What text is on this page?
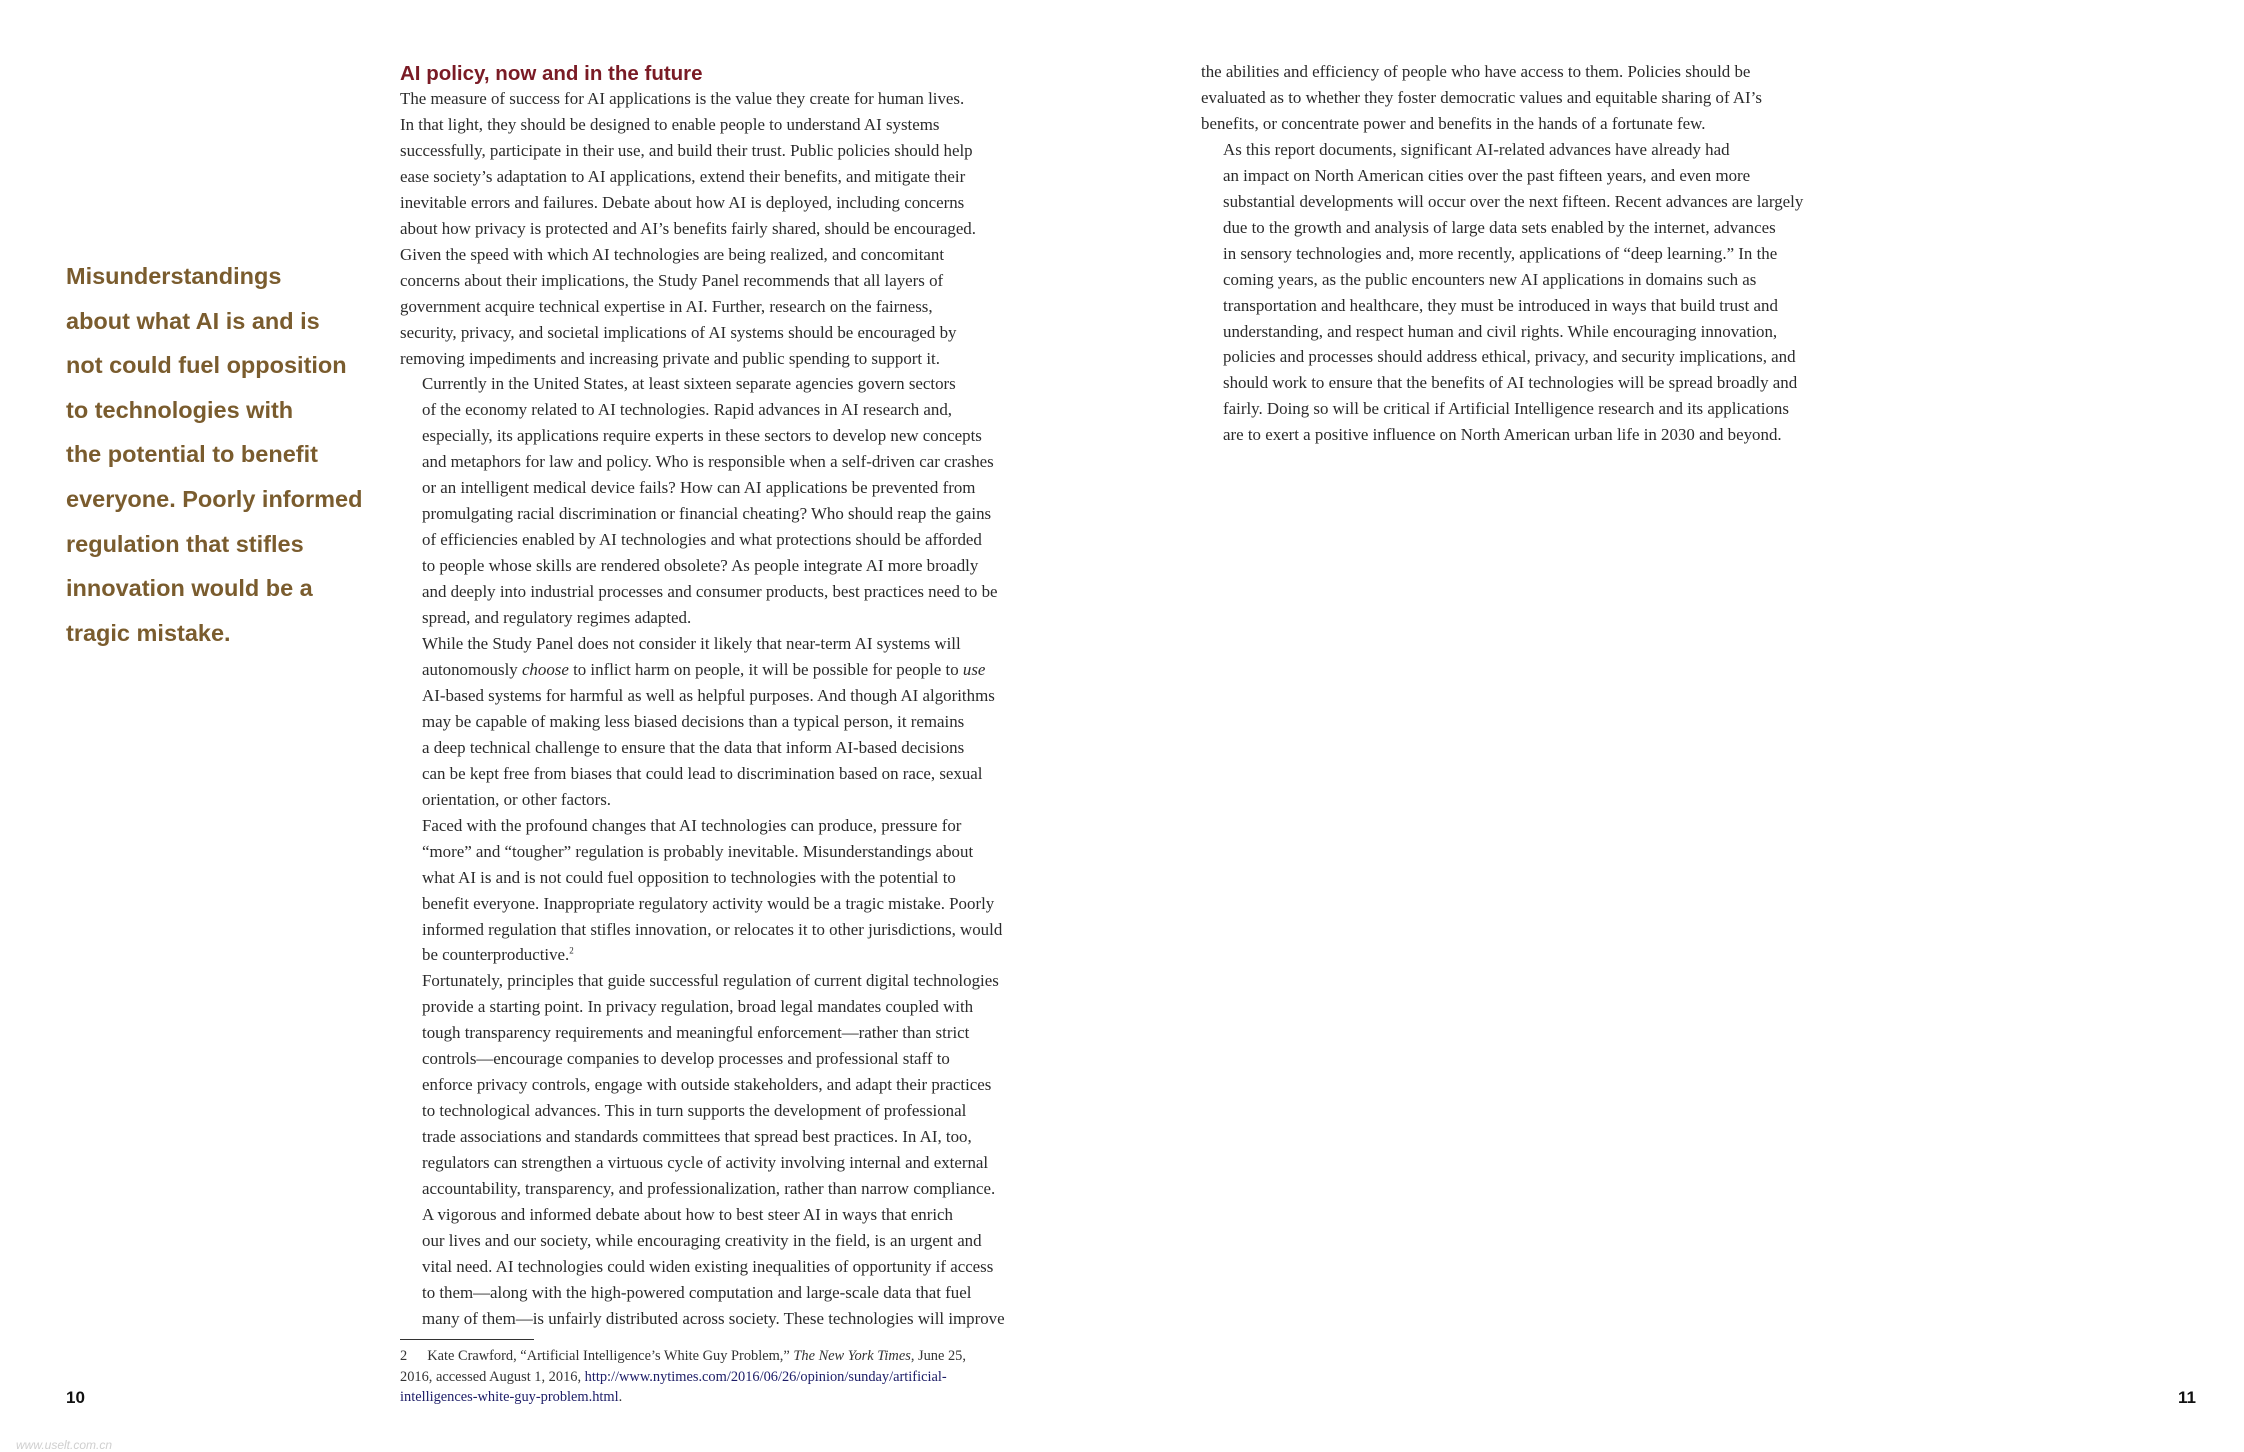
Misunderstandings
about what AI is and is
not could fuel opposition
to technologies with
the potential to benefit
everyone. Poorly informed
regulation that stifles
innovation would be a
tragic mistake.
AI policy, now and in the future

The measure of success for AI applications is the value they create for human lives.
In that light, they should be designed to enable people to understand AI systems
successfully, participate in their use, and build their trust. Public policies should help
ease society’s adaptation to AI applications, extend their benefits, and mitigate their
inevitable errors and failures. Debate about how AI is deployed, including concerns
about how privacy is protected and AI’s benefits fairly shared, should be encouraged.
Given the speed with which AI technologies are being realized, and concomitant
concerns about their implications, the Study Panel recommends that all layers of
government acquire technical expertise in AI. Further, research on the fairness,
security, privacy, and societal implications of AI systems should be encouraged by
removing impediments and increasing private and public spending to support it.

Currently in the United States, at least sixteen separate agencies govern sectors
of the economy related to AI technologies. Rapid advances in AI research and,
especially, its applications require experts in these sectors to develop new concepts
and metaphors for law and policy. Who is responsible when a self-driven car crashes
or an intelligent medical device fails? How can AI applications be prevented from
promulgating racial discrimination or financial cheating? Who should reap the gains
of efficiencies enabled by AI technologies and what protections should be afforded
to people whose skills are rendered obsolete? As people integrate AI more broadly
and deeply into industrial processes and consumer products, best practices need to be
spread, and regulatory regimes adapted.

While the Study Panel does not consider it likely that near-term AI systems will
autonomously choose to inflict harm on people, it will be possible for people to use
AI-based systems for harmful as well as helpful purposes. And though AI algorithms
may be capable of making less biased decisions than a typical person, it remains
a deep technical challenge to ensure that the data that inform AI-based decisions
can be kept free from biases that could lead to discrimination based on race, sexual
orientation, or other factors.

Faced with the profound changes that AI technologies can produce, pressure for
“more” and “tougher” regulation is probably inevitable. Misunderstandings about
what AI is and is not could fuel opposition to technologies with the potential to
benefit everyone. Inappropriate regulatory activity would be a tragic mistake. Poorly
informed regulation that stifles innovation, or relocates it to other jurisdictions, would
be counterproductive.$^2$

Fortunately, principles that guide successful regulation of current digital technologies
provide a starting point. In privacy regulation, broad legal mandates coupled with
tough transparency requirements and meaningful enforcement—rather than strict
controls—encourage companies to develop processes and professional staff to
enforce privacy controls, engage with outside stakeholders, and adapt their practices
to technological advances. This in turn supports the development of professional
trade associations and standards committees that spread best practices. In AI, too,
regulators can strengthen a virtuous cycle of activity involving internal and external
accountability, transparency, and professionalization, rather than narrow compliance.

A vigorous and informed debate about how to best steer AI in ways that enrich
our lives and our society, while encouraging creativity in the field, is an urgent and
vital need. AI technologies could widen existing inequalities of opportunity if access
to them—along with the high-powered computation and large-scale data that fuel
many of them—is unfairly distributed across society. These technologies will improve

2 Kate Crawford, “Artificial Intelligence’s White Guy Problem,” The New York Times, June 25,
2016, accessed August 1, 2016, http://www.nytimes.com/2016/06/26/opinion/sunday/artificial-
intelligences-white-guy-problem.html.

the abilities and efficiency of people who have access to them. Policies should be
evaluated as to whether they foster democratic values and equitable sharing of AI’s
benefits, or concentrate power and benefits in the hands of a fortunate few.

As this report documents, significant AI-related advances have already had
an impact on North American cities over the past fifteen years, and even more
substantial developments will occur over the next fifteen. Recent advances are largely
due to the growth and analysis of large data sets enabled by the internet, advances
in sensory technologies and, more recently, applications of “deep learning.” In the
coming years, as the public encounters new AI applications in domains such as
transportation and healthcare, they must be introduced in ways that build trust and
understanding, and respect human and civil rights. While encouraging innovation,
policies and processes should address ethical, privacy, and security implications, and
should work to ensure that the benefits of AI technologies will be spread broadly and
fairly. Doing so will be critical if Artificial Intelligence research and its applications
are to exert a positive influence on North American urban life in 2030 and beyond.

10	11
www.uselt.com.cn
